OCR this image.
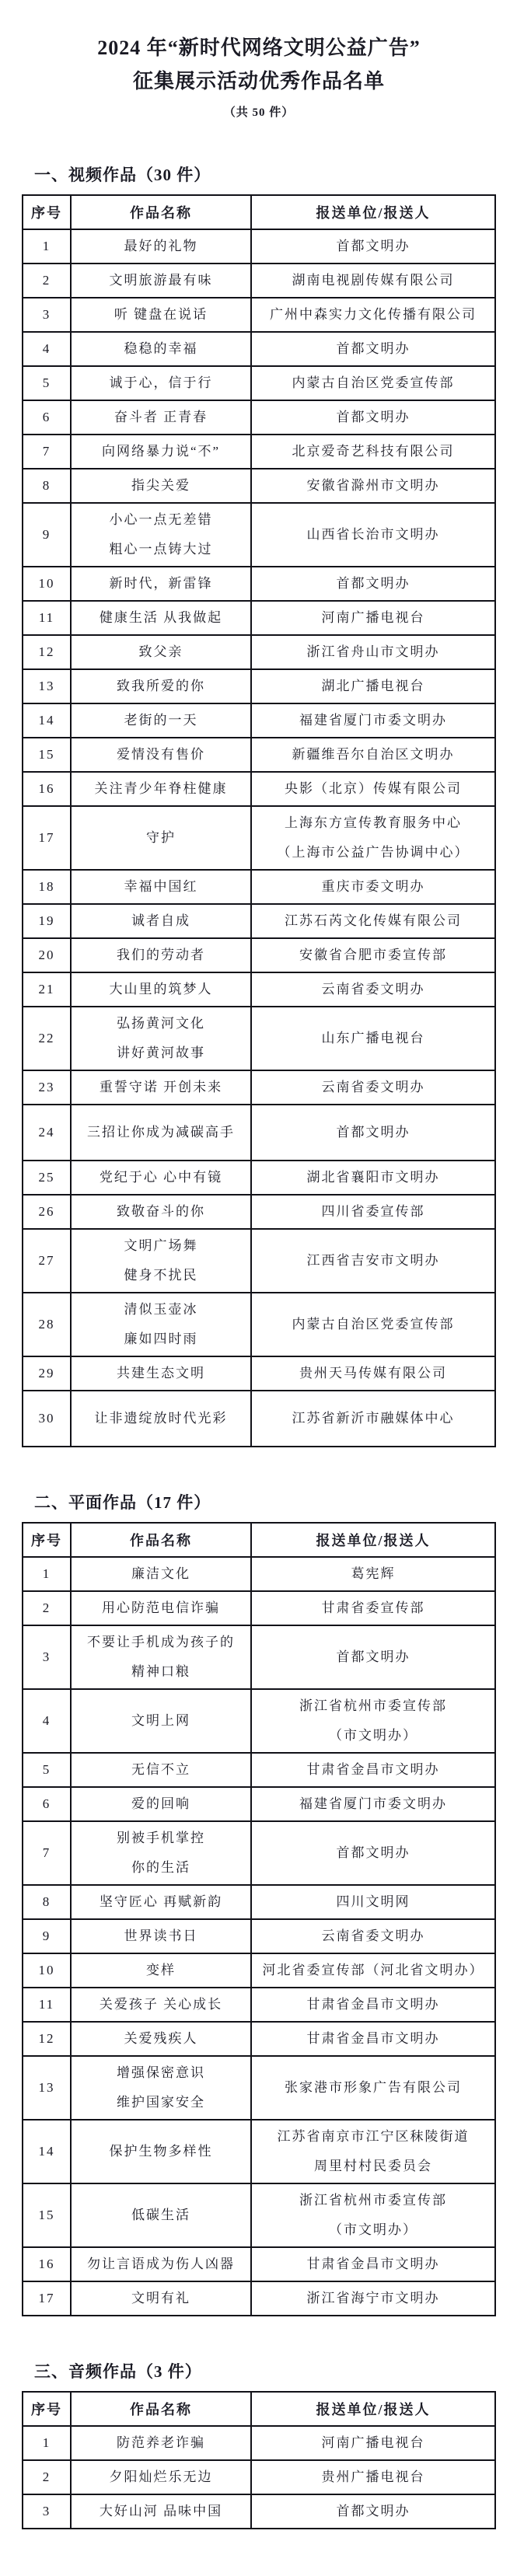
2024 年“新时代网络文明公益广告”
征集展示活动优秀作品名单
（共 50 件）
一、视频作品（30 件）
序号	作品名称	报送单位/报送人

1	最好的礼物	首都文明办

2	文明旅游最有味	湖南电视剧传媒有限公司

3	听 键盘在说话	广州中森实力文化传播有限公司

4	稳稳的幸福	首都文明办

5	诚于心，信于行	内蒙古自治区党委宣传部

6	奋斗者 正青春	首都文明办

7	向网络暴力说“不”	北京爱奇艺科技有限公司

8	指尖关爱	安徽省滁州市文明办

9	小心一点无差错
粗心一点铸大过	山西省长治市文明办

10	新时代，新雷锋	首都文明办

11	健康生活 从我做起	河南广播电视台

12	致父亲	浙江省舟山市文明办

13	致我所爱的你	湖北广播电视台

14	老街的一天	福建省厦门市委文明办

15	爱情没有售价	新疆维吾尔自治区文明办

16	关注青少年脊柱健康	央影（北京）传媒有限公司

17	守护	上海东方宣传教育服务中心
（上海市公益广告协调中心）

18	幸福中国红	重庆市委文明办

19	诚者自成	江苏石芮文化传媒有限公司

20	我们的劳动者	安徽省合肥市委宣传部

21	大山里的筑梦人	云南省委文明办

22	弘扬黄河文化
讲好黄河故事	山东广播电视台

23	重誓守诺 开创未来	云南省委文明办

24	三招让你成为减碳高手	首都文明办

25	党纪于心 心中有镜	湖北省襄阳市文明办

26	致敬奋斗的你	四川省委宣传部

27	文明广场舞
健身不扰民	江西省吉安市文明办

28	清似玉壶冰
廉如四时雨	内蒙古自治区党委宣传部

29	共建生态文明	贵州天马传媒有限公司

30	让非遗绽放时代光彩	江苏省新沂市融媒体中心
二、平面作品（17 件）
序号	作品名称	报送单位/报送人

1	廉洁文化	葛宪辉

2	用心防范电信诈骗	甘肃省委宣传部

3	不要让手机成为孩子的
精神口粮	首都文明办

4	文明上网	浙江省杭州市委宣传部
（市文明办）

5	无信不立	甘肃省金昌市文明办

6	爱的回响	福建省厦门市委文明办

7	别被手机掌控
你的生活	首都文明办

8	坚守匠心 再赋新韵	四川文明网

9	世界读书日	云南省委文明办

10	变样	河北省委宣传部（河北省文明办）

11	关爱孩子 关心成长	甘肃省金昌市文明办

12	关爱残疾人	甘肃省金昌市文明办

13	增强保密意识
维护国家安全	张家港市形象广告有限公司

14	保护生物多样性	江苏省南京市江宁区秣陵街道
周里村村民委员会

15	低碳生活	浙江省杭州市委宣传部
（市文明办）

16	勿让言语成为伤人凶器	甘肃省金昌市文明办

17	文明有礼	浙江省海宁市文明办
三、音频作品（3 件）
序号	作品名称	报送单位/报送人

1	防范养老诈骗	河南广播电视台

2	夕阳灿烂乐无边	贵州广播电视台

3	大好山河 品味中国	首都文明办
